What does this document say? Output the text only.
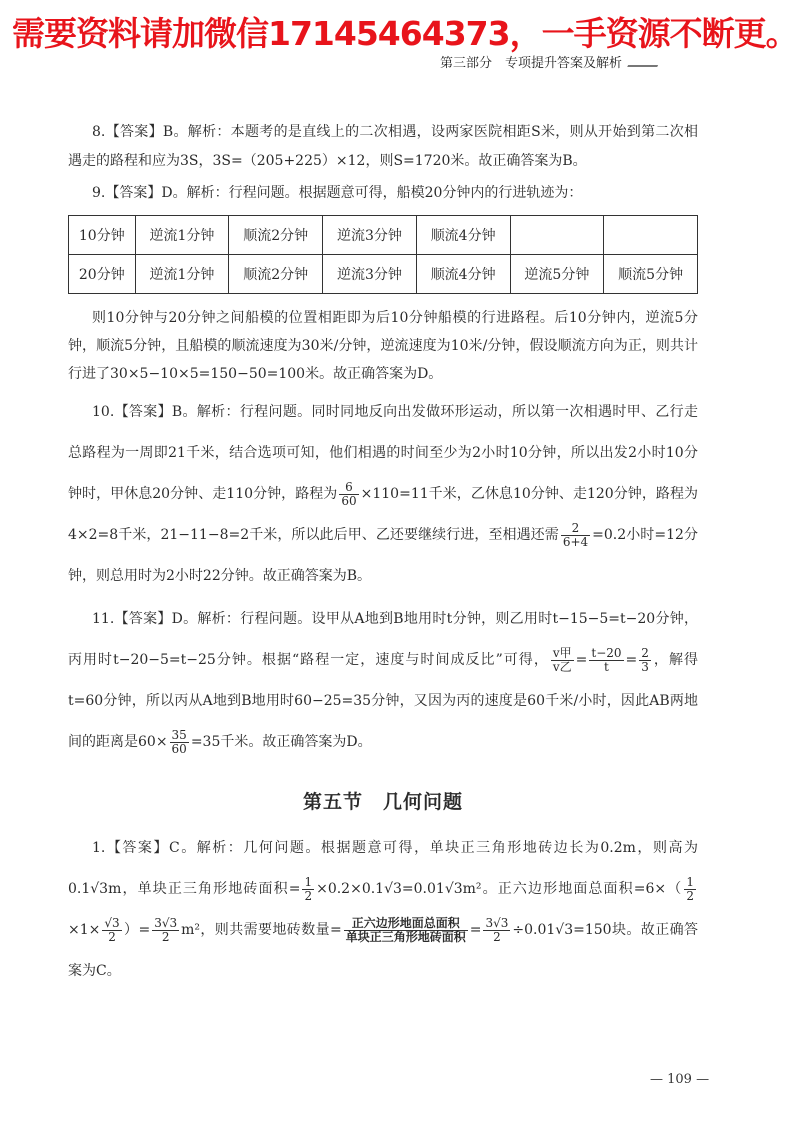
需要资料请加微信17145464373，一手资源不断更。
第三部分　专项提升答案及解析

8.【答案】B。解析：本题考的是直线上的二次相遇，设两家医院相距S米，则从开始到第二次相遇走的路程和应为3S，3S=（205+225）×12，则S=1720米。故正确答案为B。

9.【答案】D。解析：行程问题。根据题意可得，船模20分钟内的行进轨迹为：

10分钟	逆流1分钟	顺流2分钟	逆流3分钟	顺流4分钟		
20分钟	逆流1分钟	顺流2分钟	逆流3分钟	顺流4分钟	逆流5分钟	顺流5分钟

则10分钟与20分钟之间船模的位置相距即为后10分钟船模的行进路程。后10分钟内，逆流5分钟，顺流5分钟，且船模的顺流速度为30米/分钟，逆流速度为10米/分钟，假设顺流方向为正，则共计行进了30×5−10×5=150−50=100米。故正确答案为D。

10.【答案】B。解析：行程问题。同时同地反向出发做环形运动，所以第一次相遇时甲、乙行走总路程为一周即21千米，结合选项可知，他们相遇的时间至少为2小时10分钟，所以出发2小时10分钟时，甲休息20分钟、走110分钟，路程为 $\frac{6}{60} \times 110=11$千米，乙休息10分钟、走120分钟，路程为4×2=8千米，21−11−8=2千米，所以此后甲、乙还要继续行进，至相遇还需 $\frac{2}{6+4} =0.2$小时=12分钟，则总用时为2小时22分钟。故正确答案为B。

11.【答案】D。解析：行程问题。设甲从A地到B地用时t分钟，则乙用时t−15−5=t−20分钟，丙用时t−20−5=t−25分钟。根据“路程一定，速度与时间成反比”可得， $\frac{\text{v甲}}{\text{v乙}} = \frac{t-20}{t} = \frac{2}{3}$ ，解得t=60分钟，所以丙从A地到B地用时60−25=35分钟，又因为丙的速度是60千米/小时，因此AB两地间的距离是$60\times \frac{35}{60} =35$千米。故正确答案为D。

第五节　几何问题

1.【答案】C。解析：几何问题。根据题意可得，单块正三角形地砖边长为0.2m，则高为0.1√3m，单块正三角形地砖面积= $\frac{1}{2} \times 0.2\times 0.1√3=0.01√3m^2$。正六边形地面总面积$=6\times( \frac{1}{2}$
$\times 1\times \frac{√3}{2}$ ）= $\frac{3√3}{2} m^2$，则共需要地砖数量= $\frac{\text{正六边形地面总面积}}{\text{单块正三角形地砖面积}} = \frac{3√3}{2} \div 0.01√3=150$块。故正确答案为C。

— 109 —
